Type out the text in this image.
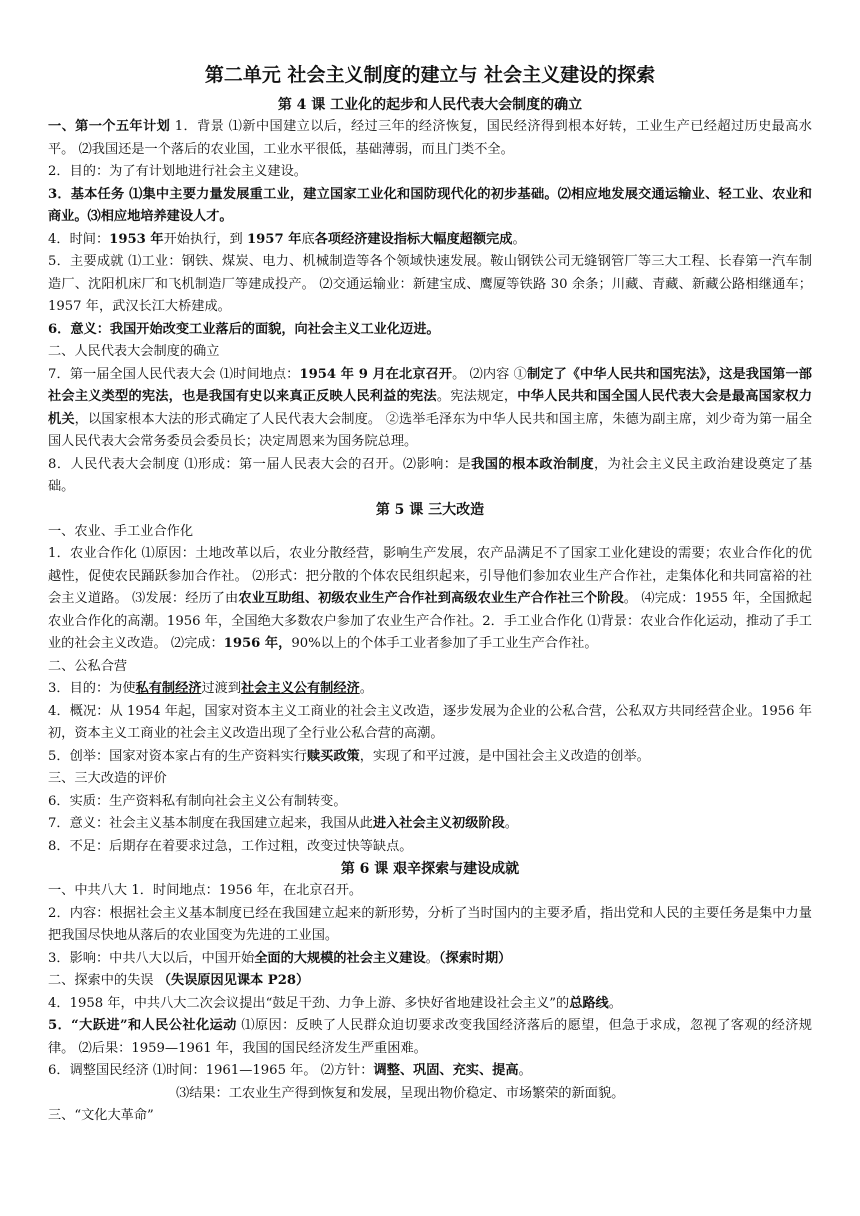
第二单元 社会主义制度的建立与 社会主义建设的探索
第 4 课 工业化的起步和人民代表大会制度的确立

一、第一个五年计划 1．背景 ⑴新中国建立以后，经过三年的经济恢复，国民经济得到根本好转，工业生产已经超过历史最高水平。 ⑵我国还是一个落后的农业国，工业水平很低，基础薄弱，而且门类不全。

2．目的：为了有计划地进行社会主义建设。

3．基本任务 ⑴集中主要力量发展重工业，建立国家工业化和国防现代化的初步基础。⑵相应地发展交通运输业、轻工业、农业和商业。⑶相应地培养建设人才。

4．时间：1953 年开始执行，到 1957 年底各项经济建设指标大幅度超额完成。

5．主要成就 ⑴工业：钢铁、煤炭、电力、机械制造等各个领域快速发展。鞍山钢铁公司无缝钢管厂等三大工程、长春第一汽车制造厂、沈阳机床厂和飞机制造厂等建成投产。 ⑵交通运输业：新建宝成、鹰厦等铁路 30 余条；川藏、青藏、新藏公路相继通车；1957 年，武汉长江大桥建成。

6．意义：我国开始改变工业落后的面貌，向社会主义工业化迈进。

二、人民代表大会制度的确立

7．第一届全国人民代表大会 ⑴时间地点：1954 年 9 月在北京召开。 ⑵内容 ①制定了《中华人民共和国宪法》，这是我国第一部社会主义类型的宪法，也是我国有史以来真正反映人民利益的宪法。宪法规定，中华人民共和国全国人民代表大会是最高国家权力机关，以国家根本大法的形式确定了人民代表大会制度。 ②选举毛泽东为中华人民共和国主席，朱德为副主席，刘少奇为第一届全国人民代表大会常务委员会委员长；决定周恩来为国务院总理。

8．人民代表大会制度 ⑴形成：第一届人民表大会的召开。⑵影响：是我国的根本政治制度，为社会主义民主政治建设奠定了基础。

第 5 课 三大改造

一、农业、手工业合作化

1．农业合作化 ⑴原因：土地改革以后，农业分散经营，影响生产发展，农产品满足不了国家工业化建设的需要；农业合作化的优越性，促使农民踊跃参加合作社。 ⑵形式：把分散的个体农民组织起来，引导他们参加农业生产合作社，走集体化和共同富裕的社会主义道路。 ⑶发展：经历了由农业互助组、初级农业生产合作社到高级农业生产合作社三个阶段。 ⑷完成：1955 年，全国掀起农业合作化的高潮。1956 年，全国绝大多数农户参加了农业生产合作社。2．手工业合作化 ⑴背景：农业合作化运动，推动了手工业的社会主义改造。 ⑵完成：1956 年，90%以上的个体手工业者参加了手工业生产合作社。

二、公私合营

3．目的：为使私有制经济过渡到社会主义公有制经济。

4．概况：从 1954 年起，国家对资本主义工商业的社会主义改造，逐步发展为企业的公私合营，公私双方共同经营企业。1956 年初，资本主义工商业的社会主义改造出现了全行业公私合营的高潮。

5．创举：国家对资本家占有的生产资料实行赎买政策，实现了和平过渡，是中国社会主义改造的创举。

三、三大改造的评价

6．实质：生产资料私有制向社会主义公有制转变。

7．意义：社会主义基本制度在我国建立起来，我国从此进入社会主义初级阶段。

8．不足：后期存在着要求过急，工作过粗，改变过快等缺点。

第 6 课 艰辛探索与建设成就

一、中共八大 1．时间地点：1956 年，在北京召开。

2．内容：根据社会主义基本制度已经在我国建立起来的新形势，分析了当时国内的主要矛盾，指出党和人民的主要任务是集中力量把我国尽快地从落后的农业国变为先进的工业国。

3．影响：中共八大以后，中国开始全面的大规模的社会主义建设。（探索时期）

二、探索中的失误 （失误原因见课本 P28）

4．1958 年，中共八大二次会议提出“鼓足干劲、力争上游、多快好省地建设社会主义”的总路线。

5．“大跃进”和人民公社化运动 ⑴原因：反映了人民群众迫切要求改变我国经济落后的愿望，但急于求成，忽视了客观的经济规律。 ⑵后果：1959—1961 年，我国的国民经济发生严重困难。

6．调整国民经济 ⑴时间：1961—1965 年。 ⑵方针：调整、巩固、充实、提高。

⑶结果：工农业生产得到恢复和发展，呈现出物价稳定、市场繁荣的新面貌。

三、“文化大革命”
